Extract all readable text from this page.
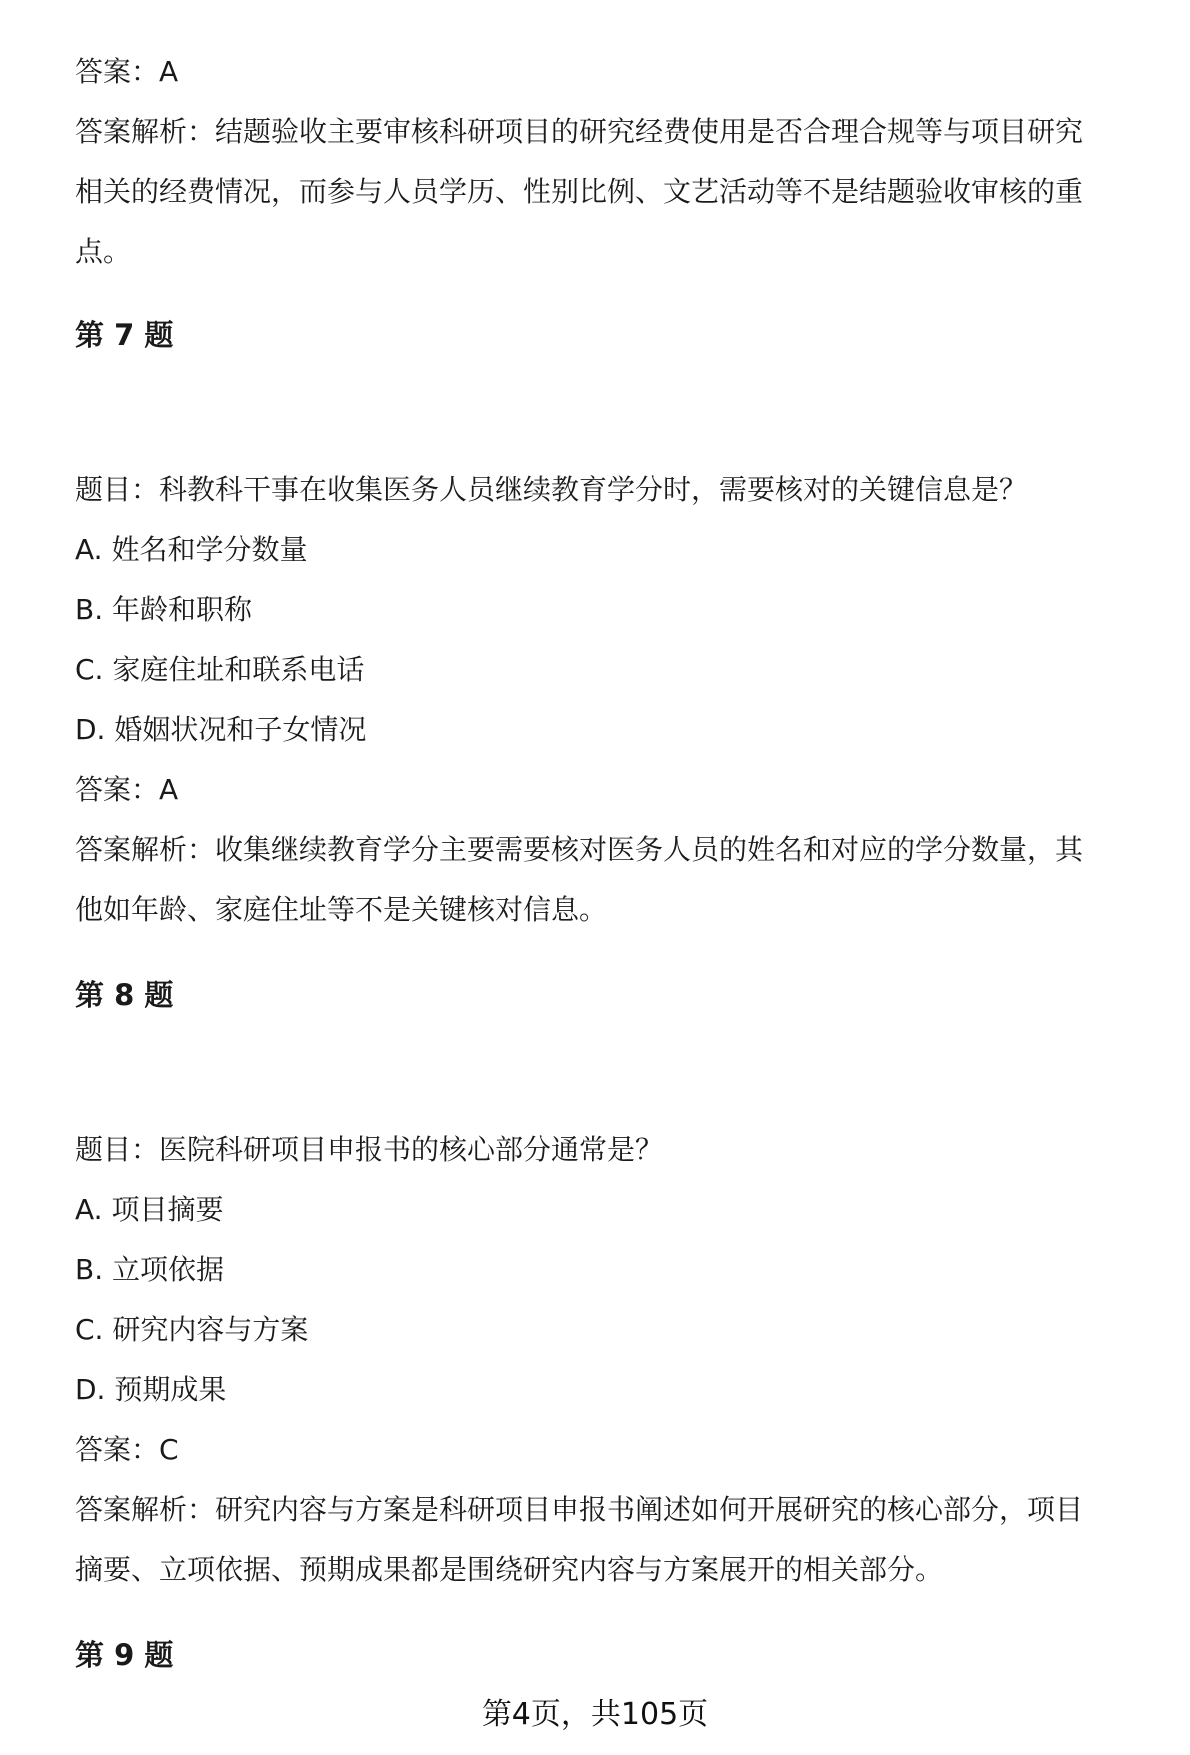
答案：A
答案解析：结题验收主要审核科研项目的研究经费使用是否合理合规等与项目研究
相关的经费情况，而参与人员学历、性别比例、文艺活动等不是结题验收审核的重
点。
第 7 题
题目：科教科干事在收集医务人员继续教育学分时，需要核对的关键信息是？
A. 姓名和学分数量
B. 年龄和职称
C. 家庭住址和联系电话
D. 婚姻状况和子女情况
答案：A
答案解析：收集继续教育学分主要需要核对医务人员的姓名和对应的学分数量，其
他如年龄、家庭住址等不是关键核对信息。
第 8 题
题目：医院科研项目申报书的核心部分通常是？
A. 项目摘要
B. 立项依据
C. 研究内容与方案
D. 预期成果
答案：C
答案解析：研究内容与方案是科研项目申报书阐述如何开展研究的核心部分，项目
摘要、立项依据、预期成果都是围绕研究内容与方案展开的相关部分。
第 9 题
第4页，共105页
